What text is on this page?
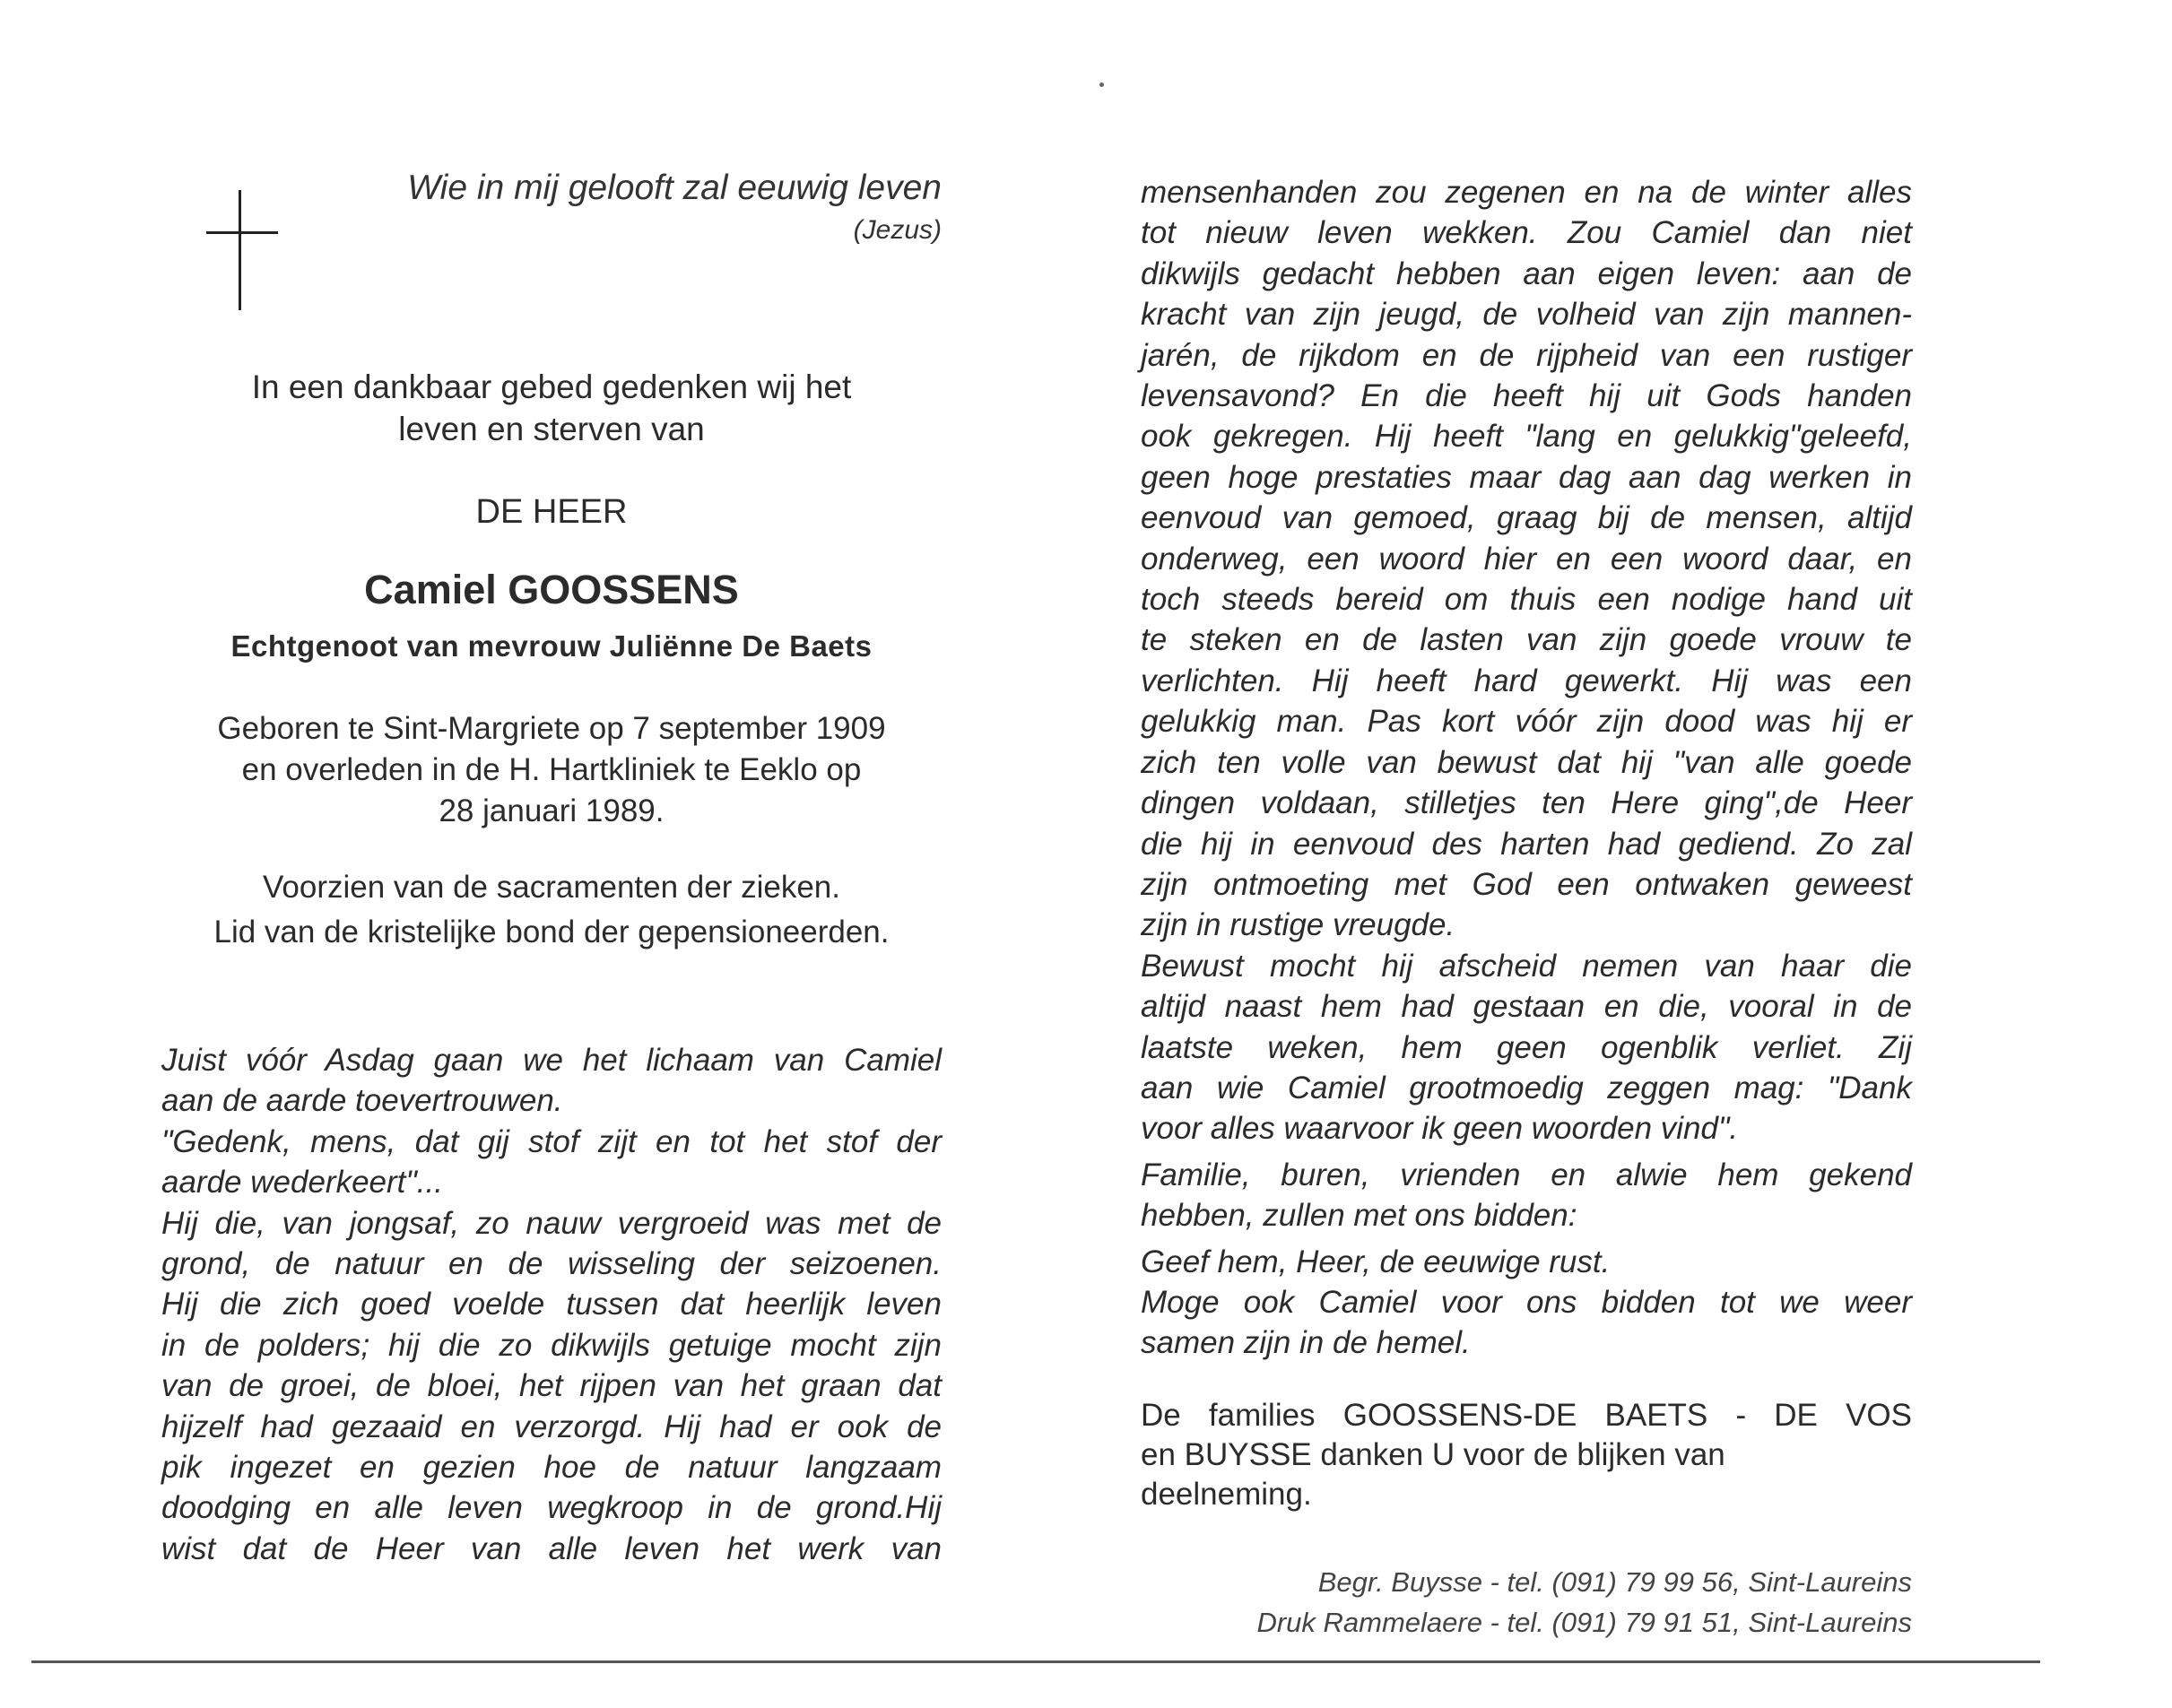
Wie in mij gelooft zal eeuwig leven
(Jezus)
In een dankbaar gebed gedenken wij het
leven en sterven van
DE HEER
Camiel GOOSSENS
Echtgenoot van mevrouw Juliënne De Baets
Geboren te Sint-Margriete op 7 september 1909
en overleden in de H. Hartkliniek te Eeklo op
28 januari 1989.
Voorzien van de sacramenten der zieken.
Lid van de kristelijke bond der gepensioneerden.
Juist vóór Asdag gaan we het lichaam van Camiel
aan de aarde toevertrouwen.
"Gedenk, mens, dat gij stof zijt en tot het stof der
aarde wederkeert"...
Hij die, van jongsaf, zo nauw vergroeid was met de
grond, de natuur en de wisseling der seizoenen.
Hij die zich goed voelde tussen dat heerlijk leven
in de polders; hij die zo dikwijls getuige mocht zijn
van de groei, de bloei, het rijpen van het graan dat
hijzelf had gezaaid en verzorgd. Hij had er ook de
pik ingezet en gezien hoe de natuur langzaam
doodging en alle leven wegkroop in de grond.Hij
wist dat de Heer van alle leven het werk van
mensenhanden zou zegenen en na de winter alles
tot nieuw leven wekken. Zou Camiel dan niet
dikwijls gedacht hebben aan eigen leven: aan de
kracht van zijn jeugd, de volheid van zijn mannen-
jarén, de rijkdom en de rijpheid van een rustiger
levensavond? En die heeft hij uit Gods handen
ook gekregen. Hij heeft "lang en gelukkig"geleefd,
geen hoge prestaties maar dag aan dag werken in
eenvoud van gemoed, graag bij de mensen, altijd
onderweg, een woord hier en een woord daar, en
toch steeds bereid om thuis een nodige hand uit
te steken en de lasten van zijn goede vrouw te
verlichten. Hij heeft hard gewerkt. Hij was een
gelukkig man. Pas kort vóór zijn dood was hij er
zich ten volle van bewust dat hij "van alle goede
dingen voldaan, stilletjes ten Here ging",de Heer
die hij in eenvoud des harten had gediend. Zo zal
zijn ontmoeting met God een ontwaken geweest
zijn in rustige vreugde.
Bewust mocht hij afscheid nemen van haar die
altijd naast hem had gestaan en die, vooral in de
laatste weken, hem geen ogenblik verliet. Zij
aan wie Camiel grootmoedig zeggen mag: "Dank
voor alles waarvoor ik geen woorden vind".
Familie, buren, vrienden en alwie hem gekend
hebben, zullen met ons bidden:
Geef hem, Heer, de eeuwige rust.
Moge ook Camiel voor ons bidden tot we weer
samen zijn in de hemel.
De families GOOSSENS-DE BAETS - DE VOS
en BUYSSE danken U voor de blijken van
deelneming.
Begr. Buysse - tel. (091) 79 99 56, Sint-Laureins
Druk Rammelaere - tel. (091) 79 91 51, Sint-Laureins
